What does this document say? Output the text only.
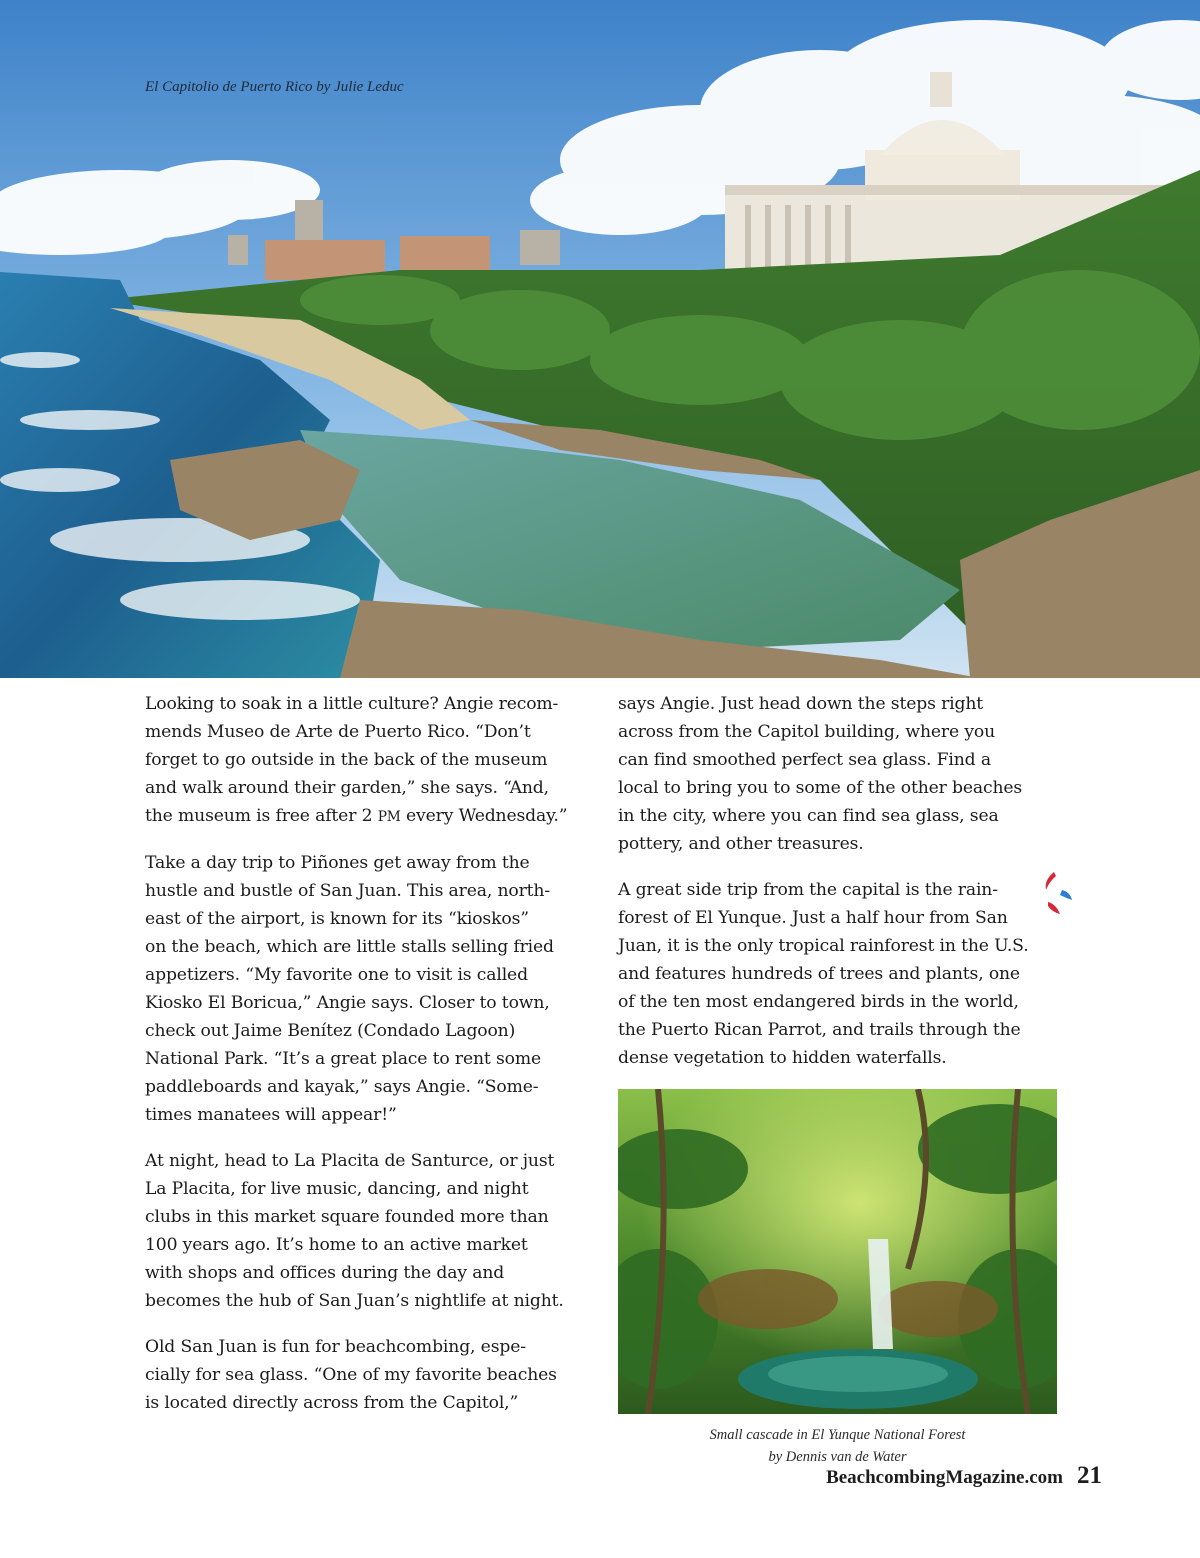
El Capitolio de Puerto Rico by Julie Leduc

Looking to soak in a little culture? Angie recom-
mends Museo de Arte de Puerto Rico. “Don’t
forget to go outside in the back of the museum
and walk around their garden,” she says. “And,
the museum is free after 2 PM every Wednesday.”

Take a day trip to Piñones get away from the
hustle and bustle of San Juan. This area, north-
east of the airport, is known for its “kioskos”
on the beach, which are little stalls selling fried
appetizers. “My favorite one to visit is called
Kiosko El Boricua,” Angie says. Closer to town,
check out Jaime Benítez (Condado Lagoon)
National Park. “It’s a great place to rent some
paddleboards and kayak,” says Angie. “Some-
times manatees will appear!”

At night, head to La Placita de Santurce, or just
La Placita, for live music, dancing, and night
clubs in this market square founded more than
100 years ago. It’s home to an active market
with shops and offices during the day and
becomes the hub of San Juan’s nightlife at night.

Old San Juan is fun for beachcombing, espe-
cially for sea glass. “One of my favorite beaches
is located directly across from the Capitol,”

says Angie. Just head down the steps right
across from the Capitol building, where you
can find smoothed perfect sea glass. Find a
local to bring you to some of the other beaches
in the city, where you can find sea glass, sea
pottery, and other treasures.

A great side trip from the capital is the rain-
forest of El Yunque. Just a half hour from San
Juan, it is the only tropical rainforest in the U.S.
and features hundreds of trees and plants, one
of the ten most endangered birds in the world,
the Puerto Rican Parrot, and trails through the
dense vegetation to hidden waterfalls.

Small cascade in El Yunque National Forest
by Dennis van de Water
BeachcombingMagazine.com 21
